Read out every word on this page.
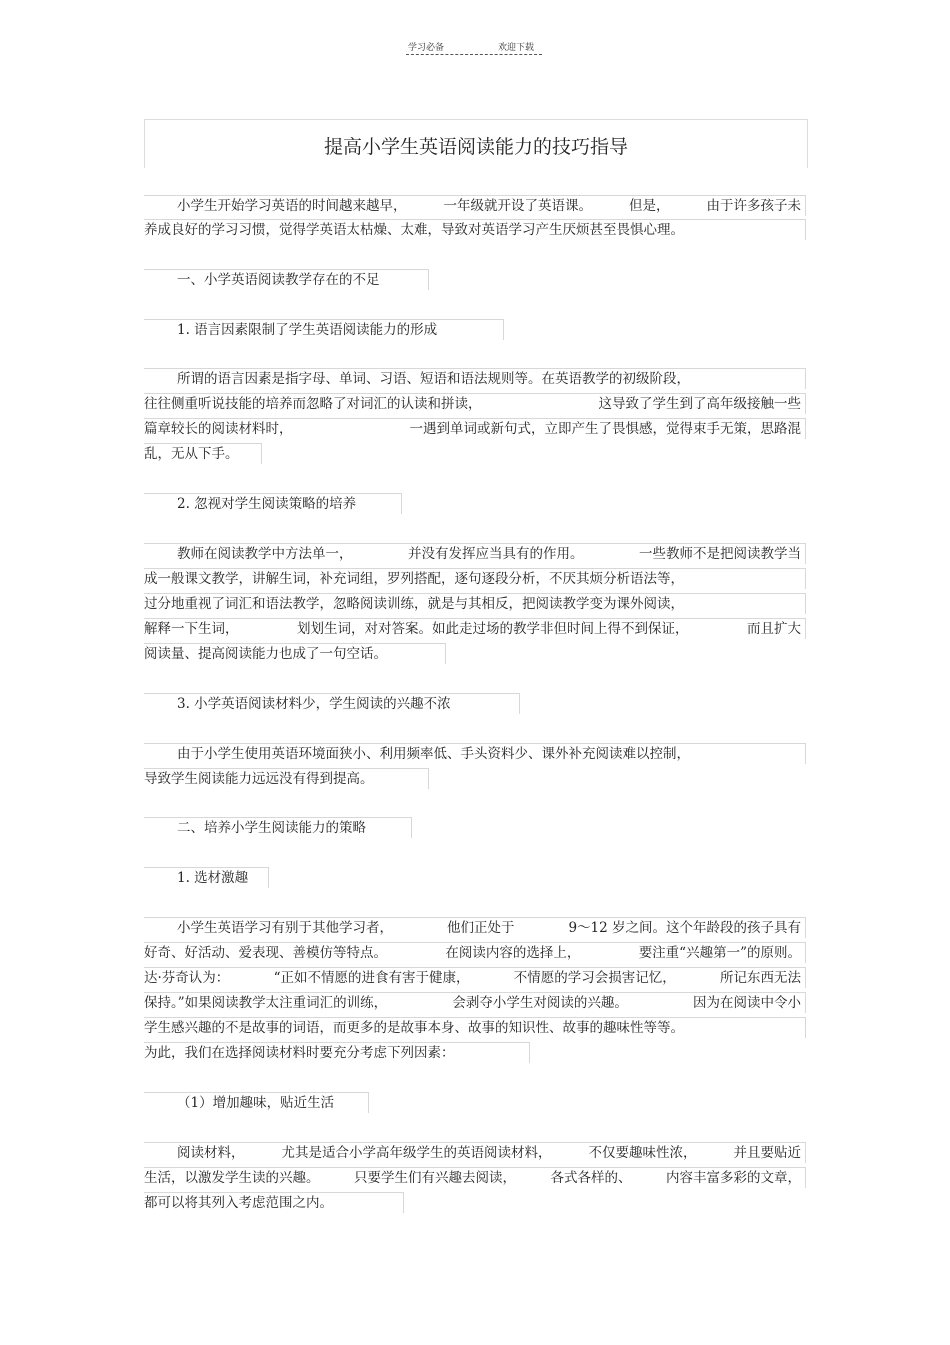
学习必备	欢迎下载
提高小学生英语阅读能力的技巧指导
小学生开始学习英语的时间越来越早，	一年级就开设了英语课。	但是，	由于许多孩子未
养成良好的学习习惯，觉得学英语太枯燥、太难，导致对英语学习产生厌烦甚至畏惧心理。
一、小学英语阅读教学存在的不足
1. 语言因素限制了学生英语阅读能力的形成
所谓的语言因素是指字母、单词、习语、短语和语法规则等。在英语教学的初级阶段，
往往侧重听说技能的培养而忽略了对词汇的认读和拼读，	这导致了学生到了高年级接触一些
篇章较长的阅读材料时，	一遇到单词或新句式，立即产生了畏惧感，觉得束手无策，思路混
乱，无从下手。
2. 忽视对学生阅读策略的培养
教师在阅读教学中方法单一，	并没有发挥应当具有的作用。	一些教师不是把阅读教学当
成一般课文教学，讲解生词，补充词组，罗列搭配，逐句逐段分析，不厌其烦分析语法等，
过分地重视了词汇和语法教学，忽略阅读训练，就是与其相反，把阅读教学变为课外阅读，
解释一下生词，	划划生词，对对答案。如此走过场的教学非但时间上得不到保证，	而且扩大
阅读量、提高阅读能力也成了一句空话。
3. 小学英语阅读材料少，学生阅读的兴趣不浓
由于小学生使用英语环境面狭小、利用频率低、手头资料少、课外补充阅读难以控制，
导致学生阅读能力远远没有得到提高。
二、培养小学生阅读能力的策略
1. 选材激趣
小学生英语学习有别于其他学习者，	他们正处于	9～12 岁之间。这个年龄段的孩子具有
好奇、好活动、爱表现、善模仿等特点。	在阅读内容的选择上，	要注重“兴趣第一”的原则。
达·芬奇认为：	“正如不情愿的进食有害于健康，	不情愿的学习会损害记忆，	所记东西无法
保持。”如果阅读教学太注重词汇的训练，	会剥夺小学生对阅读的兴趣。	因为在阅读中令小
学生感兴趣的不是故事的词语，而更多的是故事本身、故事的知识性、故事的趣味性等等。
为此，我们在选择阅读材料时要充分考虑下列因素：
（1）增加趣味，贴近生活
阅读材料，	尤其是适合小学高年级学生的英语阅读材料，	不仅要趣味性浓，	并且要贴近
生活，以激发学生读的兴趣。	只要学生们有兴趣去阅读，	各式各样的、	内容丰富多彩的文章，
都可以将其列入考虑范围之内。
